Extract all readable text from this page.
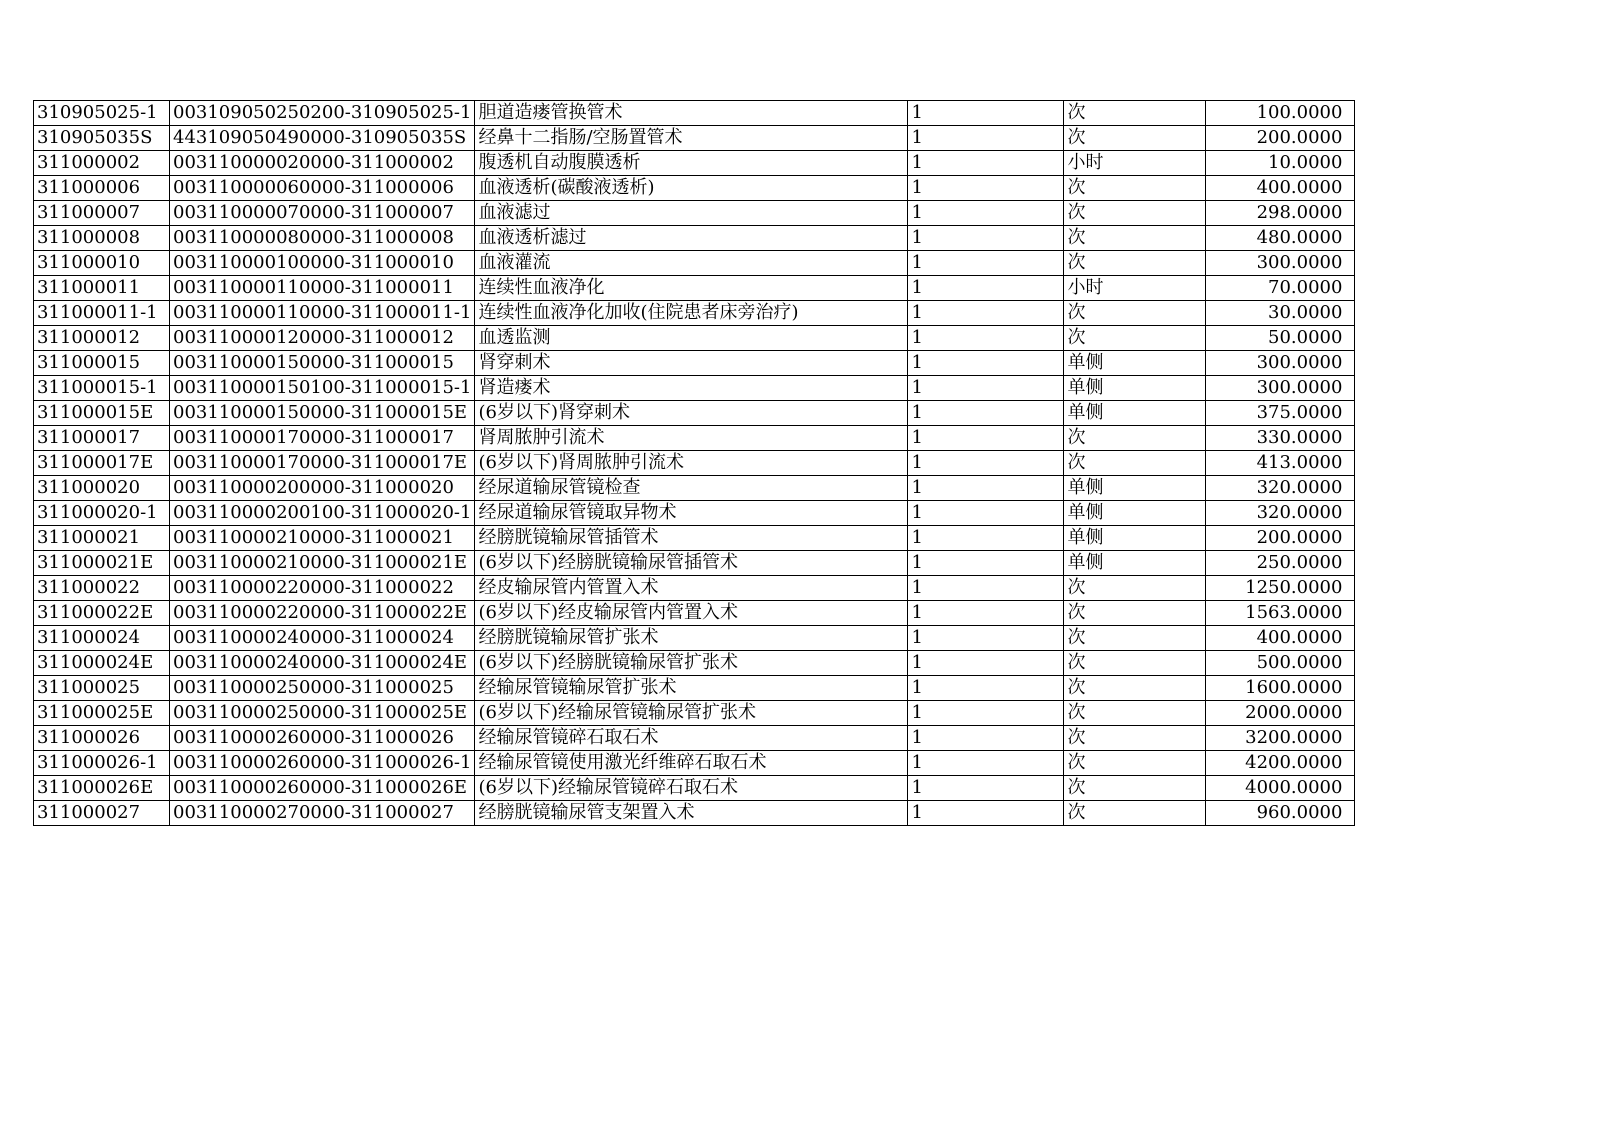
310905025-1	003109050250200-310905025-1	胆道造瘘管换管术	1	次	100.0000
310905035S	443109050490000-310905035S	经鼻十二指肠/空肠置管术	1	次	200.0000
311000002	003110000020000-311000002	腹透机自动腹膜透析	1	小时	10.0000
311000006	003110000060000-311000006	血液透析(碳酸液透析)	1	次	400.0000
311000007	003110000070000-311000007	血液滤过	1	次	298.0000
311000008	003110000080000-311000008	血液透析滤过	1	次	480.0000
311000010	003110000100000-311000010	血液灌流	1	次	300.0000
311000011	003110000110000-311000011	连续性血液净化	1	小时	70.0000
311000011-1	003110000110000-311000011-1	连续性血液净化加收(住院患者床旁治疗)	1	次	30.0000
311000012	003110000120000-311000012	血透监测	1	次	50.0000
311000015	003110000150000-311000015	肾穿刺术	1	单侧	300.0000
311000015-1	003110000150100-311000015-1	肾造瘘术	1	单侧	300.0000
311000015E	003110000150000-311000015E	(6岁以下)肾穿刺术	1	单侧	375.0000
311000017	003110000170000-311000017	肾周脓肿引流术	1	次	330.0000
311000017E	003110000170000-311000017E	(6岁以下)肾周脓肿引流术	1	次	413.0000
311000020	003110000200000-311000020	经尿道输尿管镜检查	1	单侧	320.0000
311000020-1	003110000200100-311000020-1	经尿道输尿管镜取异物术	1	单侧	320.0000
311000021	003110000210000-311000021	经膀胱镜输尿管插管术	1	单侧	200.0000
311000021E	003110000210000-311000021E	(6岁以下)经膀胱镜输尿管插管术	1	单侧	250.0000
311000022	003110000220000-311000022	经皮输尿管内管置入术	1	次	1250.0000
311000022E	003110000220000-311000022E	(6岁以下)经皮输尿管内管置入术	1	次	1563.0000
311000024	003110000240000-311000024	经膀胱镜输尿管扩张术	1	次	400.0000
311000024E	003110000240000-311000024E	(6岁以下)经膀胱镜输尿管扩张术	1	次	500.0000
311000025	003110000250000-311000025	经输尿管镜输尿管扩张术	1	次	1600.0000
311000025E	003110000250000-311000025E	(6岁以下)经输尿管镜输尿管扩张术	1	次	2000.0000
311000026	003110000260000-311000026	经输尿管镜碎石取石术	1	次	3200.0000
311000026-1	003110000260000-311000026-1	经输尿管镜使用激光纤维碎石取石术	1	次	4200.0000
311000026E	003110000260000-311000026E	(6岁以下)经输尿管镜碎石取石术	1	次	4000.0000
311000027	003110000270000-311000027	经膀胱镜输尿管支架置入术	1	次	960.0000
